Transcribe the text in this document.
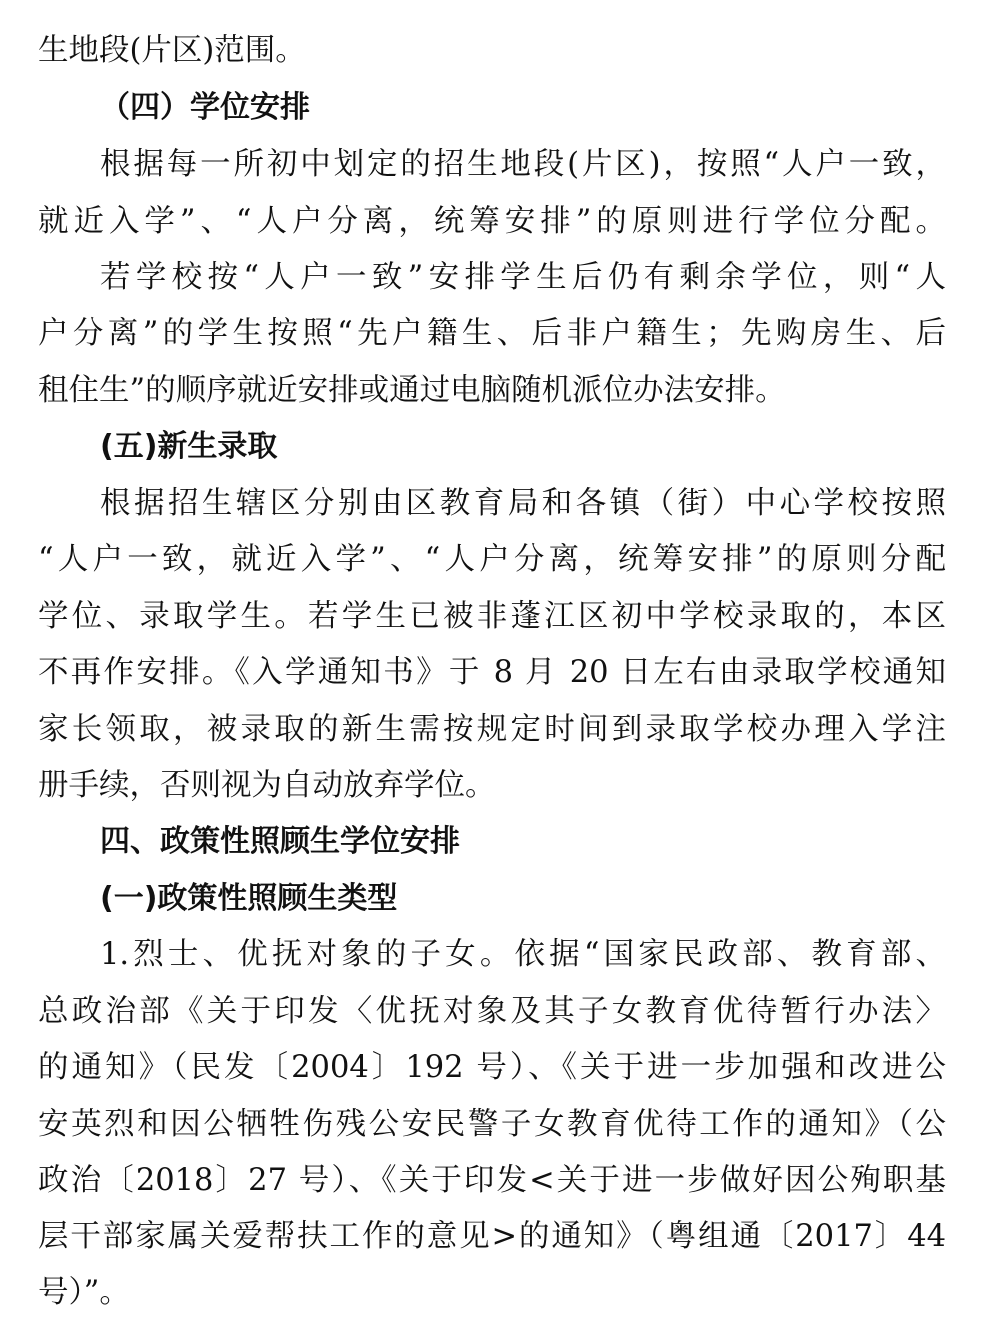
生地段(片区)范围。
（四）学位安排
根据每一所初中划定的招生地段(片区)，按照“人户一致，
就近入学”、“人户分离，统筹安排”的原则进行学位分配。
若学校按“人户一致”安排学生后仍有剩余学位，则“人
户分离”的学生按照“先户籍生、后非户籍生；先购房生、后
租住生”的顺序就近安排或通过电脑随机派位办法安排。
(五)新生录取
根据招生辖区分别由区教育局和各镇（街）中心学校按照
“人户一致，就近入学”、“人户分离，统筹安排”的原则分配
学位、录取学生。若学生已被非蓬江区初中学校录取的，本区
不再作安排。《入学通知书》于 8 月 20 日左右由录取学校通知
家长领取，被录取的新生需按规定时间到录取学校办理入学注
册手续，否则视为自动放弃学位。
四、政策性照顾生学位安排
(一)政策性照顾生类型
1.烈士、优抚对象的子女。依据“国家民政部、教育部、
总政治部《关于印发〈优抚对象及其子女教育优待暂行办法〉
的通知》（民发〔2004〕192 号）、《关于进一步加强和改进公
安英烈和因公牺牲伤残公安民警子女教育优待工作的通知》（公
政治〔2018〕27 号）、《关于印发<关于进一步做好因公殉职基
层干部家属关爱帮扶工作的意见>的通知》（粤组通〔2017〕44
号）”。
